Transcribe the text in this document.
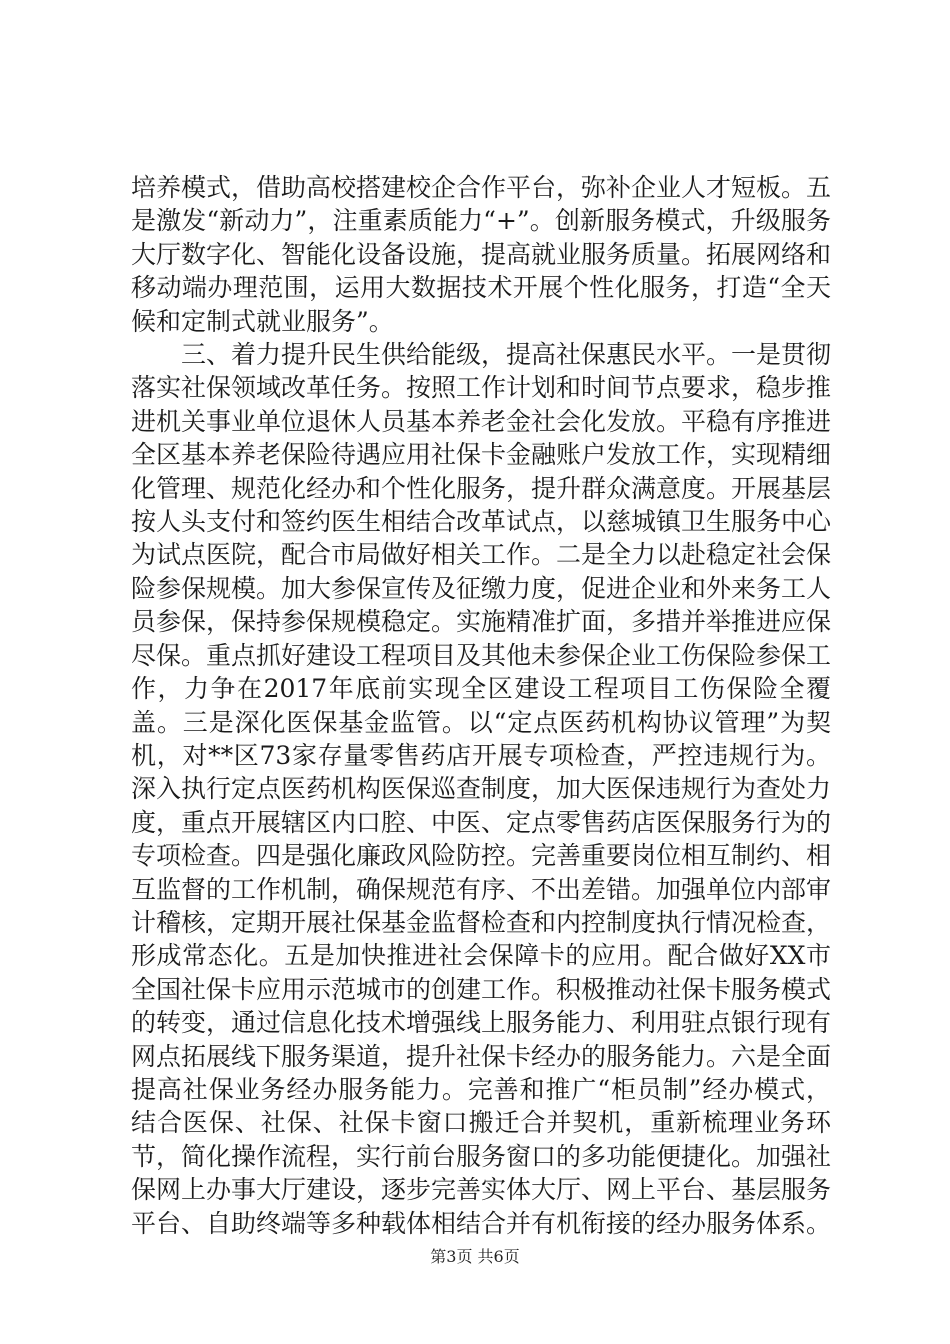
培养模式，借助高校搭建校企合作平台，弥补企业人才短板。五是激发“新动力”，注重素质能力“+”。创新服务模式，升级服务大厅数字化、智能化设备设施，提高就业服务质量。拓展网络和移动端办理范围，运用大数据技术开展个性化服务，打造“全天候和定制式就业服务”。

三、着力提升民生供给能级，提高社保惠民水平。一是贯彻落实社保领域改革任务。按照工作计划和时间节点要求，稳步推进机关事业单位退休人员基本养老金社会化发放。平稳有序推进全区基本养老保险待遇应用社保卡金融账户发放工作，实现精细化管理、规范化经办和个性化服务，提升群众满意度。开展基层按人头支付和签约医生相结合改革试点，以慈城镇卫生服务中心为试点医院，配合市局做好相关工作。二是全力以赴稳定社会保险参保规模。加大参保宣传及征缴力度，促进企业和外来务工人员参保，保持参保规模稳定。实施精准扩面，多措并举推进应保尽保。重点抓好建设工程项目及其他未参保企业工伤保险参保工作，力争在2017年底前实现全区建设工程项目工伤保险全覆盖。三是深化医保基金监管。以“定点医药机构协议管理”为契机，对**区73家存量零售药店开展专项检查，严控违规行为。深入执行定点医药机构医保巡查制度，加大医保违规行为查处力度，重点开展辖区内口腔、中医、定点零售药店医保服务行为的专项检查。四是强化廉政风险防控。完善重要岗位相互制约、相互监督的工作机制，确保规范有序、不出差错。加强单位内部审计稽核，定期开展社保基金监督检查和内控制度执行情况检查，形成常态化。五是加快推进社会保障卡的应用。配合做好XX市全国社保卡应用示范城市的创建工作。积极推动社保卡服务模式的转变，通过信息化技术增强线上服务能力、利用驻点银行现有网点拓展线下服务渠道，提升社保卡经办的服务能力。六是全面提高社保业务经办服务能力。完善和推广“柜员制”经办模式，结合医保、社保、社保卡窗口搬迁合并契机，重新梳理业务环节，简化操作流程，实行前台服务窗口的多功能便捷化。加强社保网上办事大厅建设，逐步完善实体大厅、网上平台、基层服务平台、自助终端等多种载体相结合并有机衔接的经办服务体系。

第3页 共6页
